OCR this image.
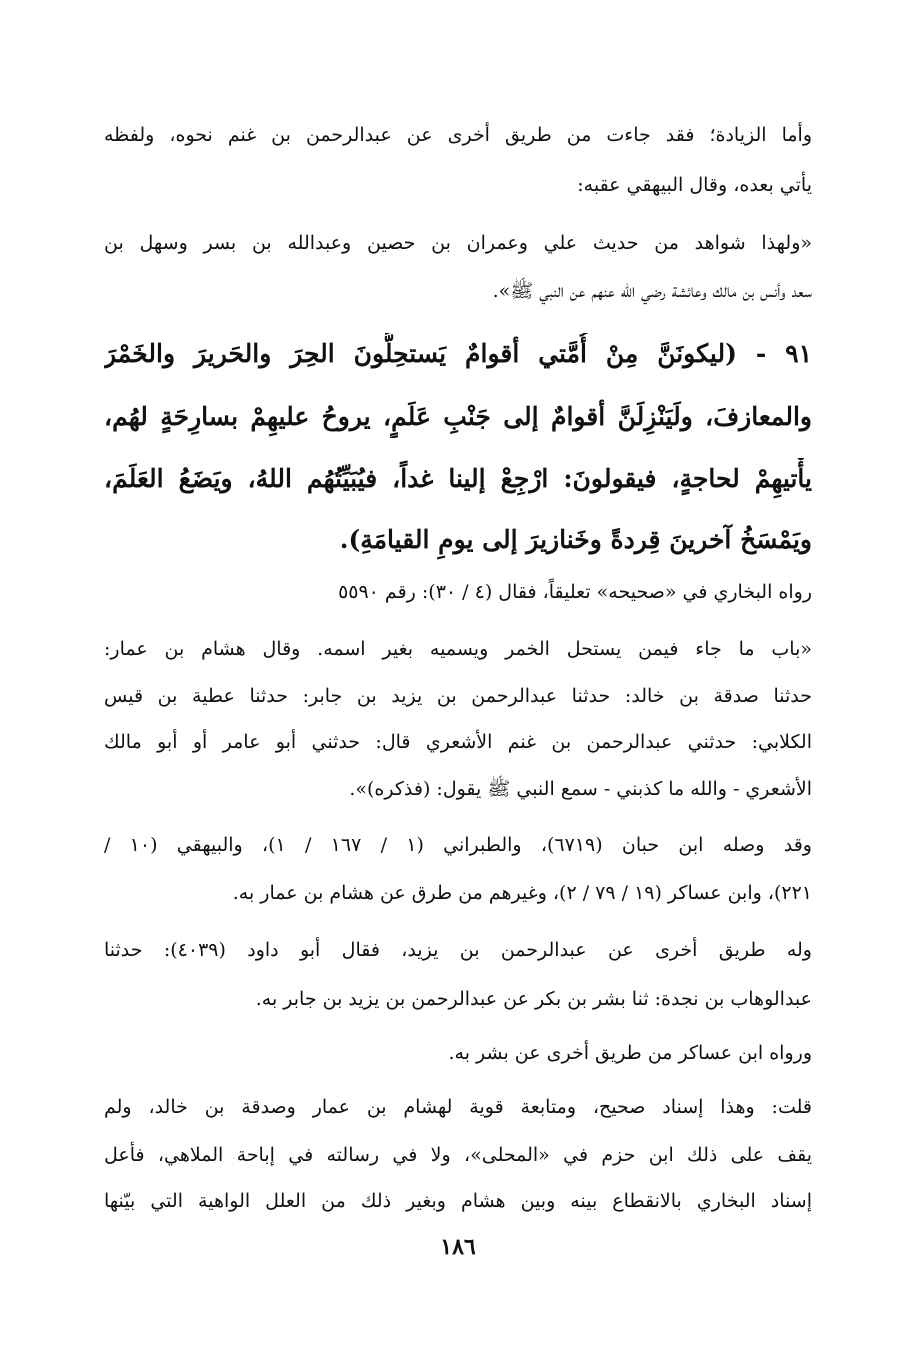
وأما الزيادة؛ فقد جاءت من طريق أخرى عن عبدالرحمن بن غنم نحوه، ولفظه
يأتي بعده، وقال البيهقي عقبه:
«ولهذا شواهد من حديث علي وعمران بن حصين وعبدالله بن بسر وسهل بن
سعد وأنس بن مالك وعائشة رضي الله عنهم عن النبي ﷺ».
٩١ - (ليكونَنَّ مِنْ أُمَّتي أقوامٌ يَستحِلُّونَ الحِرَ والحَريرَ والخَمْرَ
والمعازفَ، ولَيَنْزِلَنَّ أقوامٌ إلى جَنْبِ عَلَمٍ، يروحُ عليهِمْ بسارِحَةٍ لهُم،
يأْتيهِمْ لحاجةٍ، فيقولونَ: ارْجِعْ إلينا غداً، فيُبَيِّتُهُم اللهُ، ويَضَعُ العَلَمَ،
ويَمْسَخُ آخرينَ قِردةً وخَنازيرَ إلى يومِ القيامَةِ).
رواه البخاري في «صحيحه» تعليقاً، فقال (٤ / ٣٠): رقم ٥٥٩٠
«باب ما جاء فيمن يستحل الخمر ويسميه بغير اسمه. وقال هشام بن عمار:
حدثنا صدقة بن خالد: حدثنا عبدالرحمن بن يزيد بن جابر: حدثنا عطية بن قيس
الكلابي: حدثني عبدالرحمن بن غنم الأشعري قال: حدثني أبو عامر أو أبو مالك
الأشعري - والله ما كذبني - سمع النبي ﷺ يقول: (فذكره)».
وقد وصله ابن حبان (٦٧١٩)، والطبراني (١ / ١٦٧ / ١)، والبيهقي (١٠ /
٢٢١)، وابن عساكر (١٩ / ٧٩ / ٢)، وغيرهم من طرق عن هشام بن عمار به.
وله طريق أخرى عن عبدالرحمن بن يزيد، فقال أبو داود (٤٠٣٩): حدثنا
عبدالوهاب بن نجدة: ثنا بشر بن بكر عن عبدالرحمن بن يزيد بن جابر به.
ورواه ابن عساكر من طريق أخرى عن بشر به.
قلت: وهذا إسناد صحيح، ومتابعة قوية لهشام بن عمار وصدقة بن خالد، ولم
يقف على ذلك ابن حزم في «المحلى»، ولا في رسالته في إباحة الملاهي، فأعل
إسناد البخاري بالانقطاع بينه وبين هشام وبغير ذلك من العلل الواهية التي بيّنها
١٨٦
